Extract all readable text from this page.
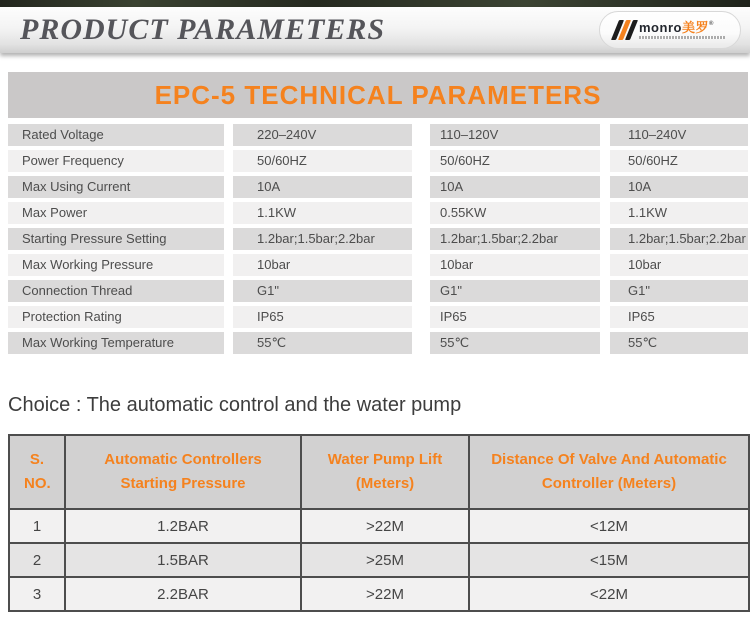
PRODUCT PARAMETERS	monro美罗®
EPC-5 TECHNICAL PARAMETERS
Rated Voltage	220–240V	110–120V	110–240V
Power Frequency	50/60HZ	50/60HZ	50/60HZ
Max Using Current	10A	10A	10A
Max Power	1.1KW	0.55KW	1.1KW
Starting Pressure Setting	1.2bar;1.5bar;2.2bar	1.2bar;1.5bar;2.2bar	1.2bar;1.5bar;2.2bar
Max Working Pressure	10bar	10bar	10bar
Connection Thread	G1"	G1"	G1"
Protection Rating	IP65	IP65	IP65
Max Working Temperature	55℃	55℃	55℃
Choice : The automatic control and the water pump
S. NO.	Automatic Controllers Starting Pressure	Water Pump Lift (Meters)	Distance Of Valve And Automatic Controller (Meters)
1	1.2BAR	>22M	<12M
2	1.5BAR	>25M	<15M
3	2.2BAR	>22M	<22M
